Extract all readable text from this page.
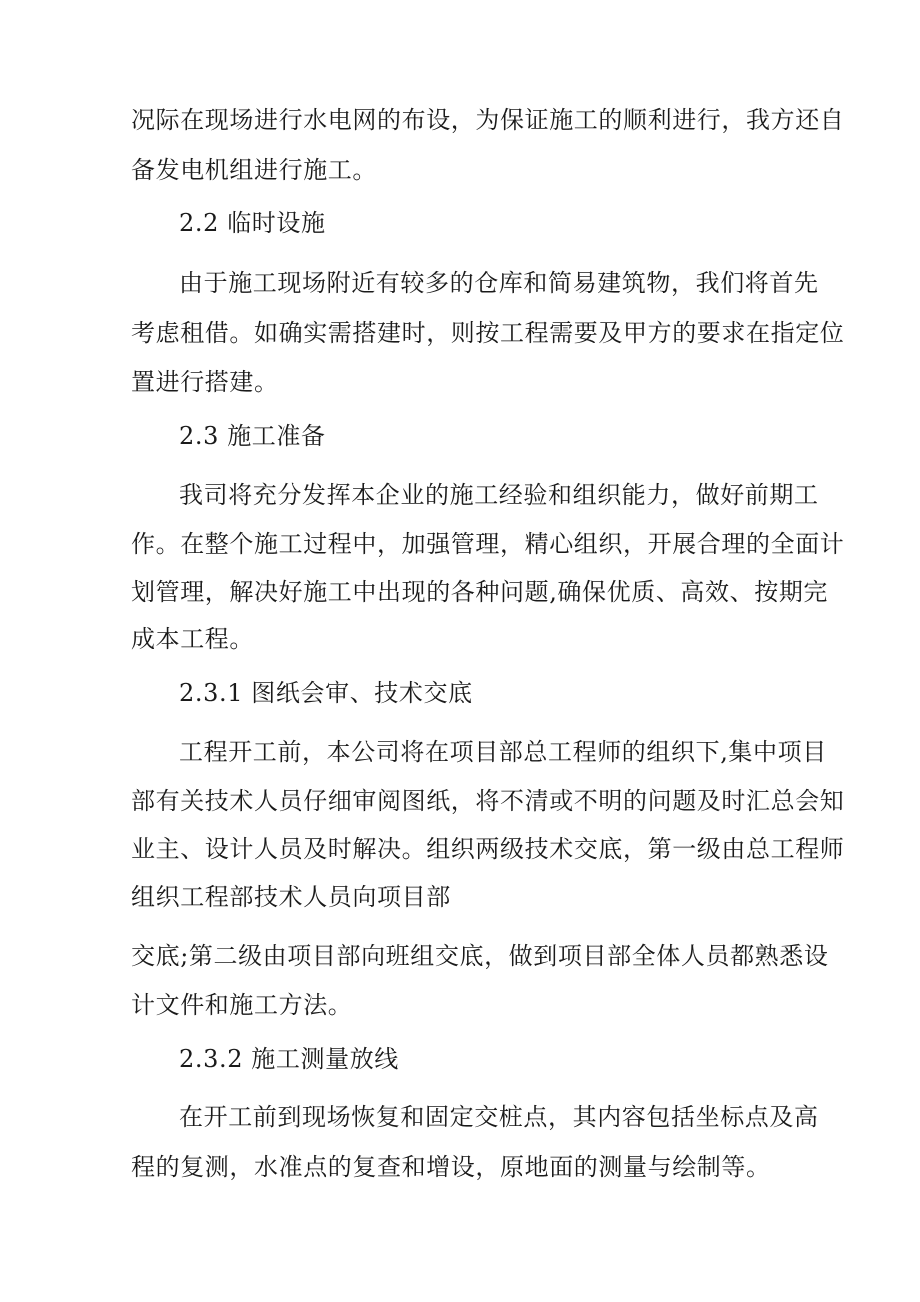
况际在现场进行水电网的布设，为保证施工的顺利进行，我方还自
备发电机组进行施工。
2.2 临时设施
由于施工现场附近有较多的仓库和简易建筑物，我们将首先
考虑租借。如确实需搭建时，则按工程需要及甲方的要求在指定位
置进行搭建。
2.3 施工准备
我司将充分发挥本企业的施工经验和组织能力，做好前期工
作。在整个施工过程中，加强管理，精心组织，开展合理的全面计
划管理，解决好施工中出现的各种问题,确保优质、高效、按期完
成本工程。
2.3.1 图纸会审、技术交底
工程开工前，本公司将在项目部总工程师的组织下,集中项目
部有关技术人员仔细审阅图纸，将不清或不明的问题及时汇总会知
业主、设计人员及时解决。组织两级技术交底，第一级由总工程师
组织工程部技术人员向项目部
交底;第二级由项目部向班组交底，做到项目部全体人员都熟悉设
计文件和施工方法。
2.3.2 施工测量放线
在开工前到现场恢复和固定交桩点，其内容包括坐标点及高
程的复测，水准点的复查和增设，原地面的测量与绘制等。
